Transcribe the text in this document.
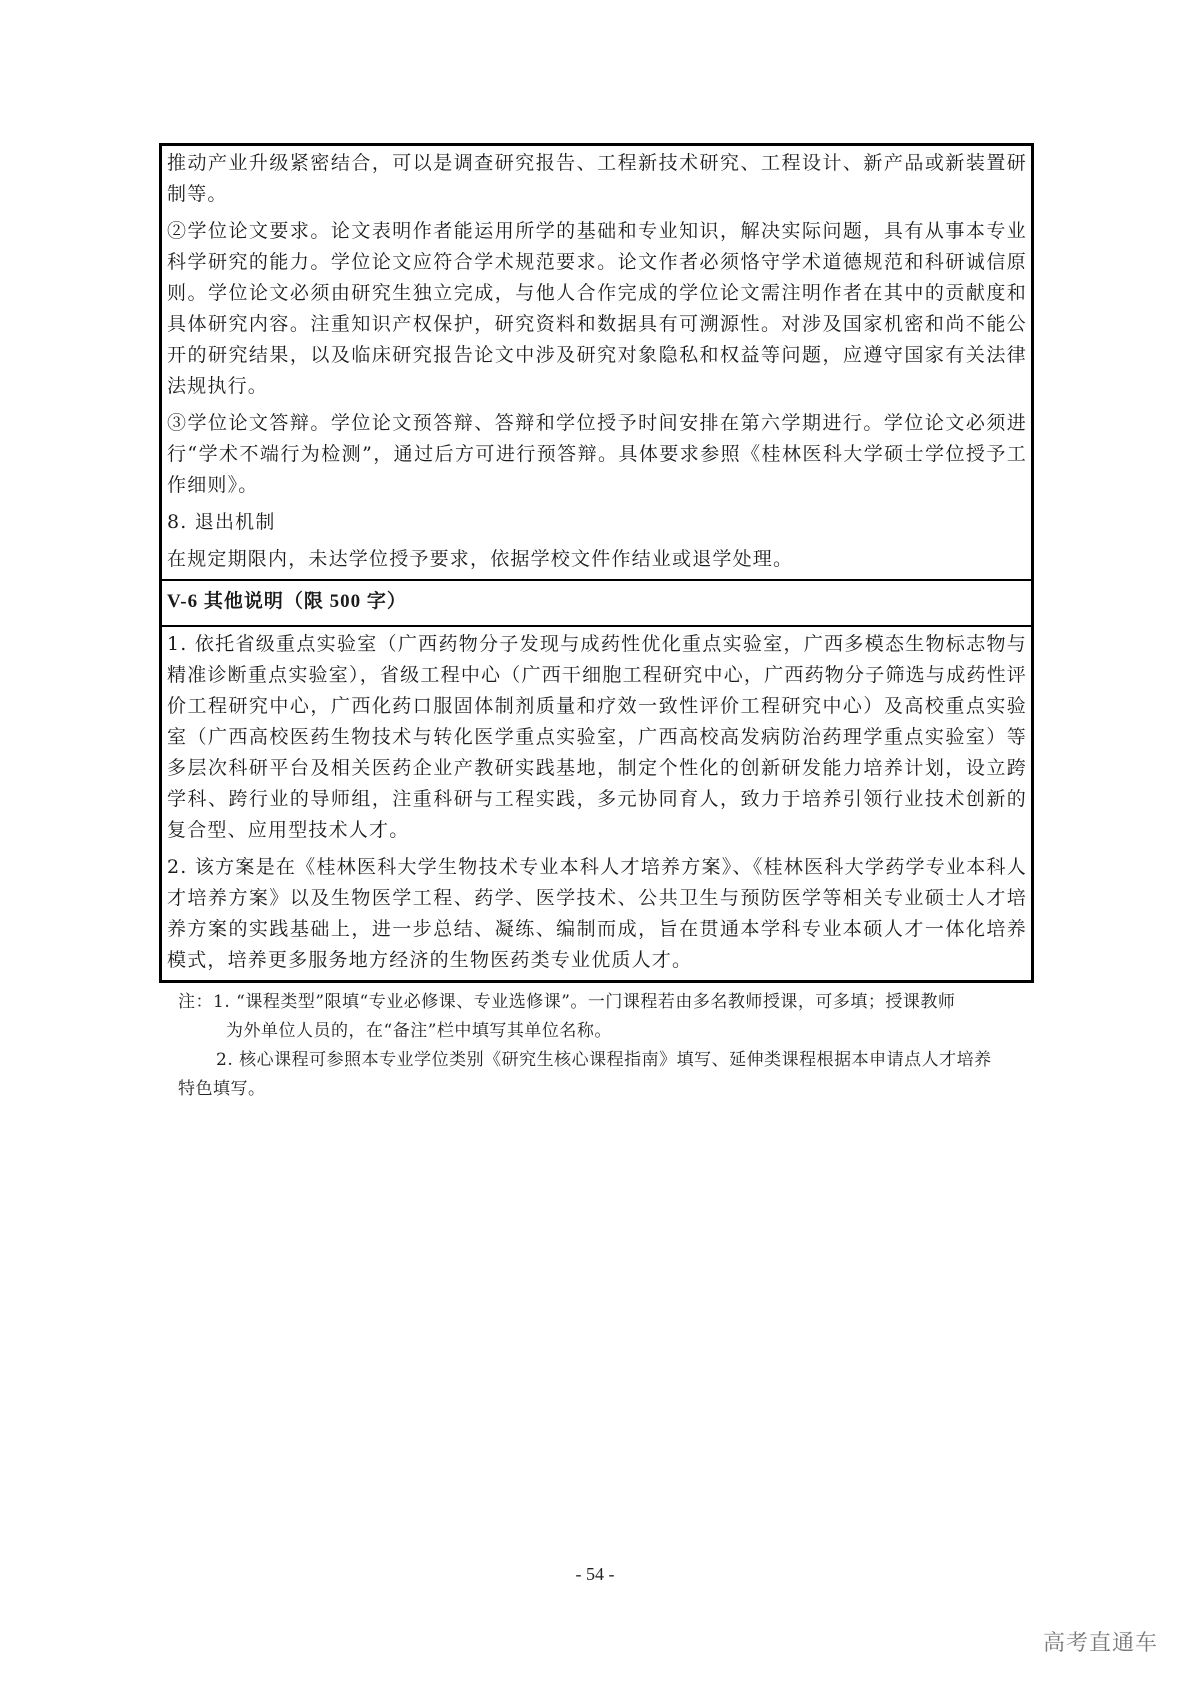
推动产业升级紧密结合，可以是调查研究报告、工程新技术研究、工程设计、新产品或新装置研制等。

②学位论文要求。论文表明作者能运用所学的基础和专业知识，解决实际问题，具有从事本专业科学研究的能力。学位论文应符合学术规范要求。论文作者必须恪守学术道德规范和科研诚信原则。学位论文必须由研究生独立完成，与他人合作完成的学位论文需注明作者在其中的贡献度和具体研究内容。注重知识产权保护，研究资料和数据具有可溯源性。对涉及国家机密和尚不能公开的研究结果，以及临床研究报告论文中涉及研究对象隐私和权益等问题，应遵守国家有关法律法规执行。

③学位论文答辩。学位论文预答辩、答辩和学位授予时间安排在第六学期进行。学位论文必须进行“学术不端行为检测”，通过后方可进行预答辩。具体要求参照《桂林医科大学硕士学位授予工作细则》。

8. 退出机制

在规定期限内，未达学位授予要求，依据学校文件作结业或退学处理。

V-6 其他说明（限 500 字）

1. 依托省级重点实验室（广西药物分子发现与成药性优化重点实验室，广西多模态生物标志物与精准诊断重点实验室），省级工程中心（广西干细胞工程研究中心，广西药物分子筛选与成药性评价工程研究中心，广西化药口服固体制剂质量和疗效一致性评价工程研究中心）及高校重点实验室（广西高校医药生物技术与转化医学重点实验室，广西高校高发病防治药理学重点实验室）等多层次科研平台及相关医药企业产教研实践基地，制定个性化的创新研发能力培养计划，设立跨学科、跨行业的导师组，注重科研与工程实践，多元协同育人，致力于培养引领行业技术创新的复合型、应用型技术人才。

2. 该方案是在《桂林医科大学生物技术专业本科人才培养方案》、《桂林医科大学药学专业本科人才培养方案》以及生物医学工程、药学、医学技术、公共卫生与预防医学等相关专业硕士人才培养方案的实践基础上，进一步总结、凝练、编制而成，旨在贯通本学科专业本硕人才一体化培养模式，培养更多服务地方经济的生物医药类专业优质人才。

注：1. “课程类型”限填“专业必修课、专业选修课”。一门课程若由多名教师授课，可多填；授课教师

为外单位人员的，在“备注”栏中填写其单位名称。

2. 核心课程可参照本专业学位类别《研究生核心课程指南》填写、延伸类课程根据本申请点人才培养

特色填写。

- 54 -
高考直通车
